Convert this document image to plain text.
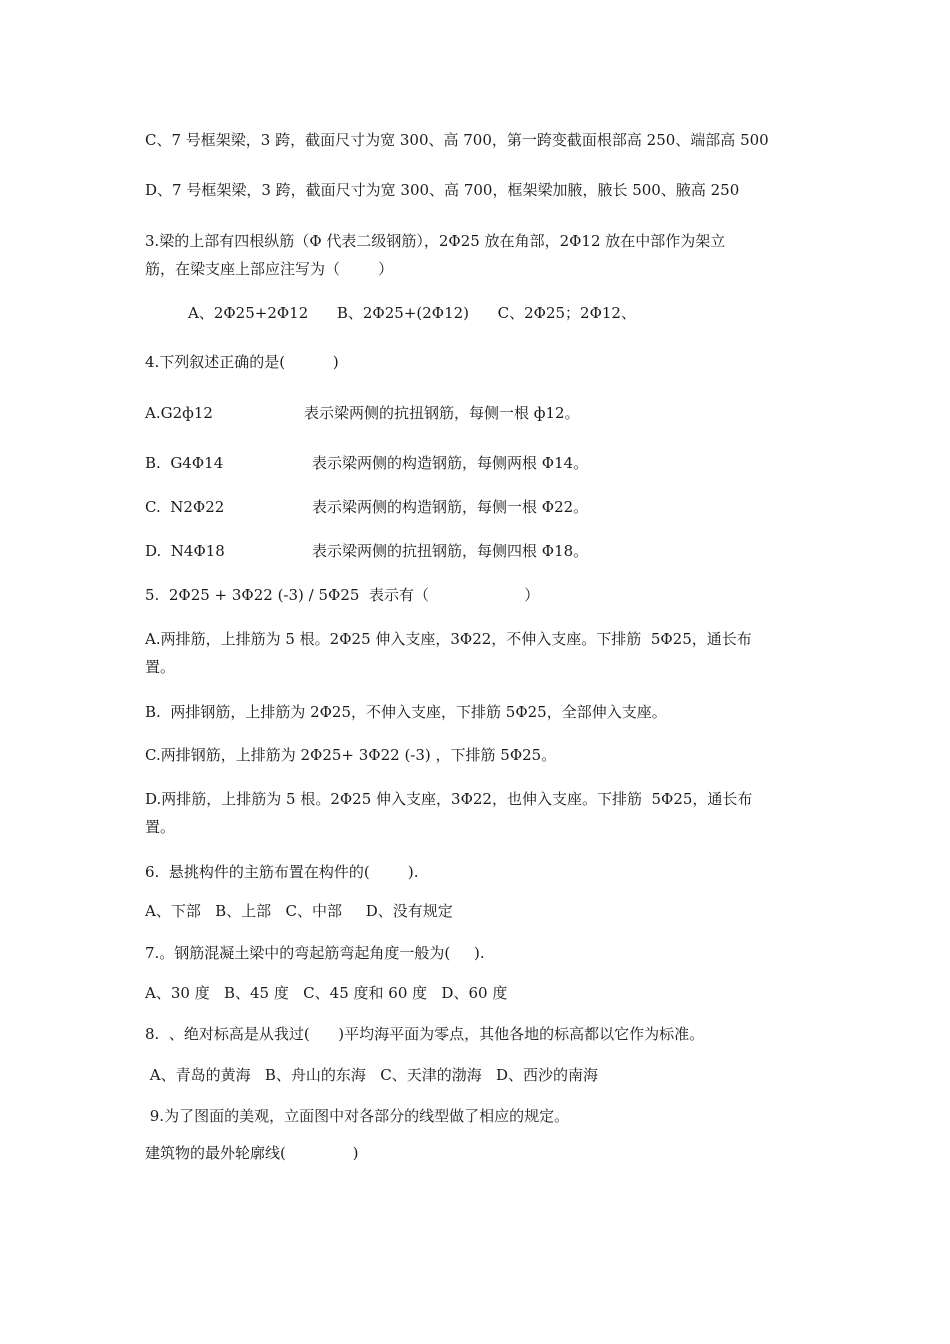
C、7 号框架梁，3 跨，截面尺寸为宽 300、高 700，第一跨变截面根部高 250、端部高 500
D、7 号框架梁，3 跨，截面尺寸为宽 300、高 700，框架梁加腋，腋长 500、腋高 250
3.梁的上部有四根纵筋（Φ 代表二级钢筋），2Φ25 放在角部，2Φ12 放在中部作为架立
筋，在梁支座上部应注写为（        ）
A、2Φ25+2Φ12      B、2Φ25+(2Φ12)      C、2Φ25；2Φ12、
4.下列叙述正确的是(          )
A.G2ф12	表示梁两侧的抗扭钢筋，每侧一根 ф12。
B.  G4Φ14	表示梁两侧的构造钢筋，每侧两根 Φ14。
C.  N2Φ22	表示梁两侧的构造钢筋，每侧一根 Φ22。
D.  N4Φ18	表示梁两侧的抗扭钢筋，每侧四根 Φ18。
5.  2Φ25 + 3Φ22 (-3) / 5Φ25  表示有（                    ）
A.两排筋，上排筋为 5 根。2Φ25 伸入支座，3Φ22，不伸入支座。下排筋  5Φ25，通长布
置。
B.  两排钢筋，上排筋为 2Φ25，不伸入支座，下排筋 5Φ25，全部伸入支座。
C.两排钢筋，上排筋为 2Φ25+ 3Φ22 (-3) ，下排筋 5Φ25。
D.两排筋，上排筋为 5 根。2Φ25 伸入支座，3Φ22，也伸入支座。下排筋  5Φ25，通长布
置。
6.  悬挑构件的主筋布置在构件的(        ).
A、下部   B、上部   C、中部     D、没有规定
7.。钢筋混凝土梁中的弯起筋弯起角度一般为(     ).
A、30 度   B、45 度   C、45 度和 60 度   D、60 度
8.  、绝对标高是从我过(      )平均海平面为零点，其他各地的标高都以它作为标准。
A、青岛的黄海   B、舟山的东海   C、天津的渤海   D、西沙的南海
9.为了图面的美观，立面图中对各部分的线型做了相应的规定。
建筑物的最外轮廓线(              )
